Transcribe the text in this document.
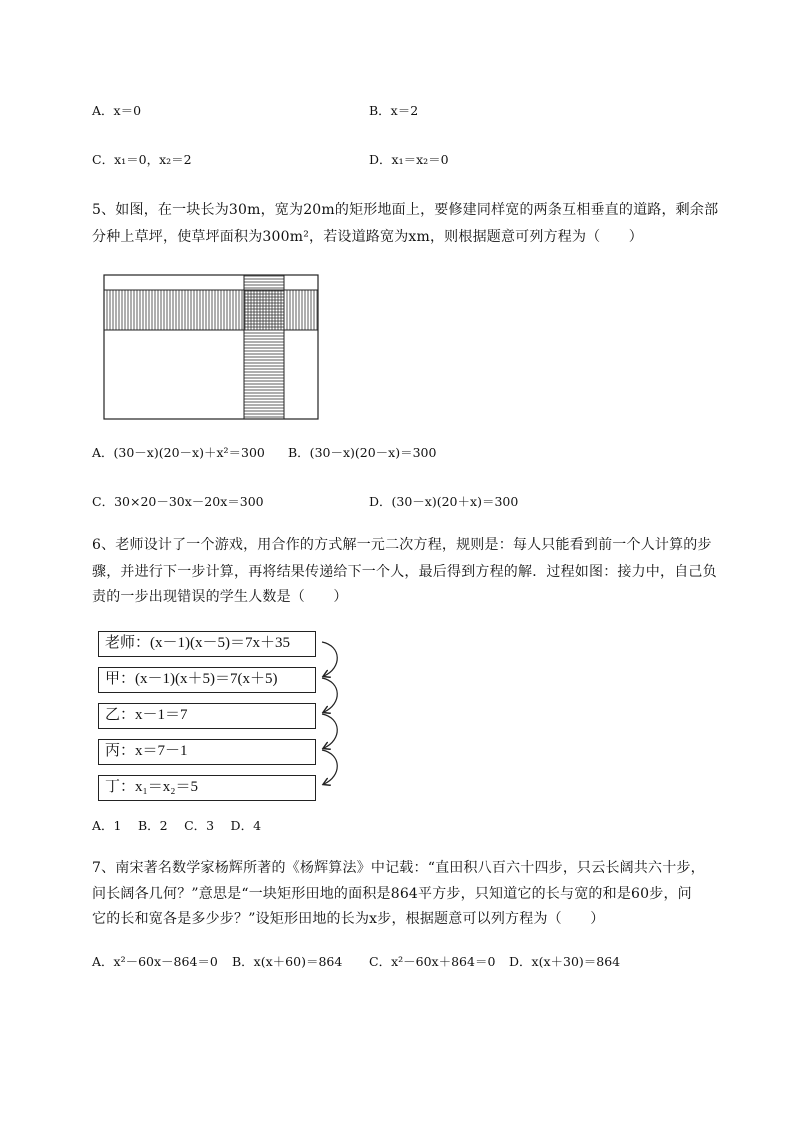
A．x＝0	B．x＝2
C．x₁＝0，x₂＝2	D．x₁＝x₂＝0
5、如图，在一块长为30m，宽为20m的矩形地面上，要修建同样宽的两条互相垂直的道路，剩余部
分种上草坪，使草坪面积为300m²，若设道路宽为xm，则根据题意可列方程为（　　）
A．(30－x)(20－x)＋x²＝300 B．(30－x)(20－x)＝300
C．30×20－30x－20x＝300	D．(30－x)(20＋x)＝300
6、老师设计了一个游戏，用合作的方式解一元二次方程，规则是：每人只能看到前一个人计算的步
骤，并进行下一步计算，再将结果传递给下一个人，最后得到方程的解．过程如图：接力中，自己负
责的一步出现错误的学生人数是（　　）
老师：(x－1)(x－5)＝7x＋35
甲：(x－1)(x＋5)＝7(x＋5)
乙：x－1＝7
丙：x＝7－1
丁：x₁＝x₂＝5
A．1　 B．2　 C．3　 D．4
7、南宋著名数学家杨辉所著的《杨辉算法》中记载：“直田积八百六十四步，只云长阔共六十步，
问长阔各几何？”意思是“一块矩形田地的面积是864平方步，只知道它的长与宽的和是60步，问
它的长和宽各是多少步？”设矩形田地的长为x步，根据题意可以列方程为（　　）
A．x²－60x－864＝0 B．x(x＋60)＝864 C．x²－60x＋864＝0 D．x(x＋30)＝864
